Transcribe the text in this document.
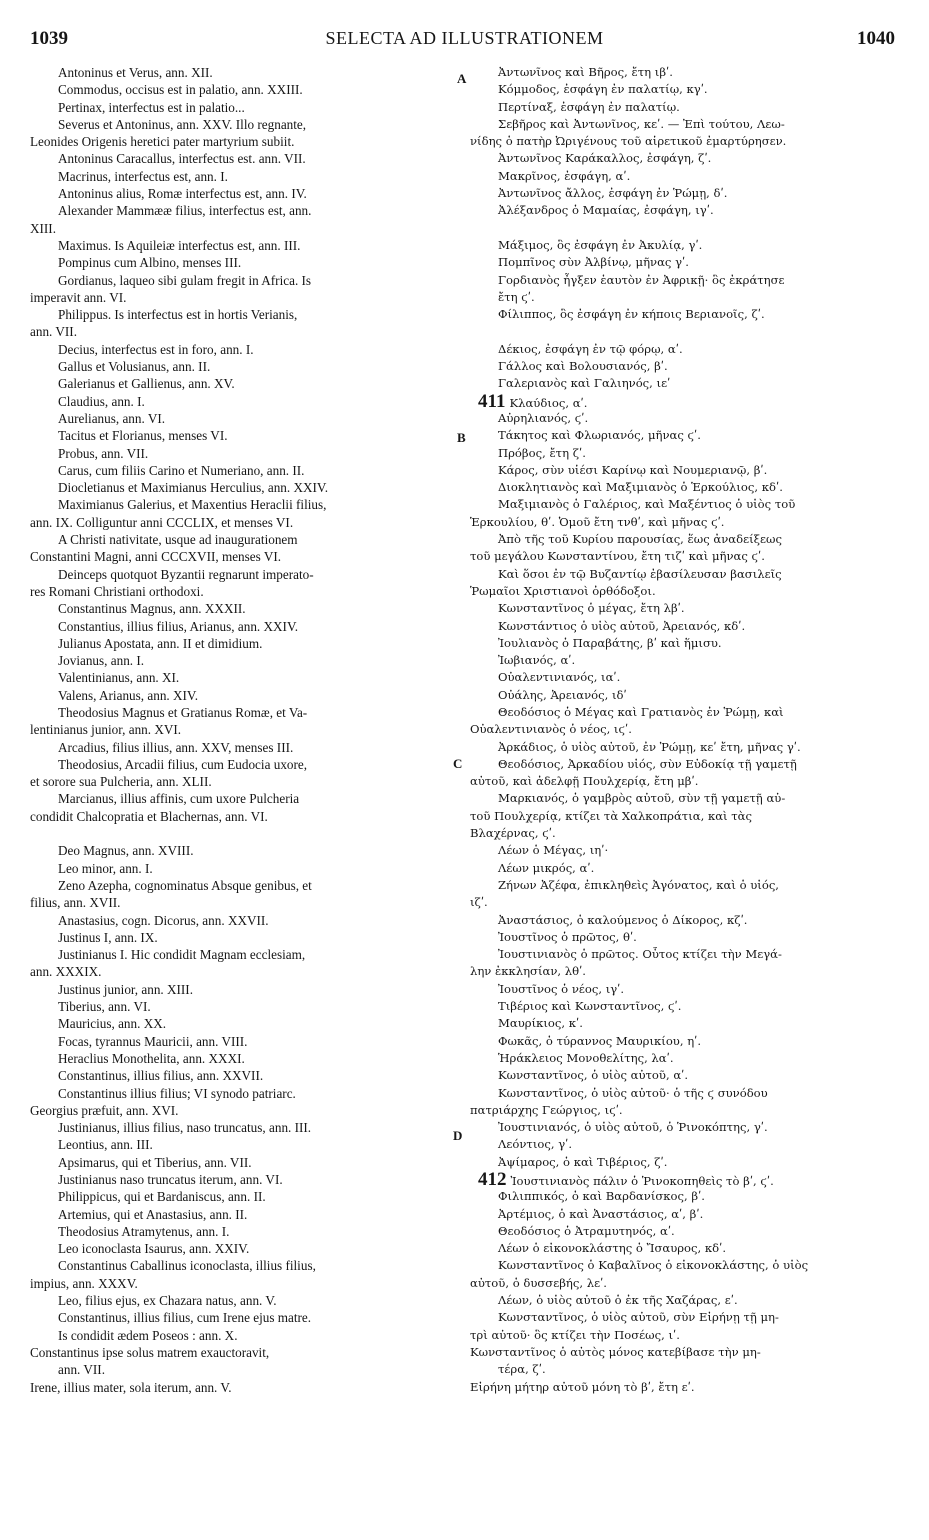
1039	SELECTA AD ILLUSTRATIONEM	1040
Antoninus et Verus, ann. XII.
Commodus, occisus est in palatio, ann. XXIII.
Pertinax, interfectus est in palatio...
Severus et Antoninus, ann. XXV. Illo regnante,
Leonides Origenis heretici pater martyrium subiit.
Antoninus Caracallus, interfectus est. ann. VII.
Macrinus, interfectus est, ann. I.
Antoninus alius, Romæ interfectus est, ann. IV.
Alexander Mammææ filius, interfectus est, ann.
XIII.
Maximus. Is Aquileiæ interfectus est, ann. III.
Pompinus cum Albino, menses III.
Gordianus, laqueo sibi gulam fregit in Africa. Is
imperavit ann. VI.
Philippus. Is interfectus est in hortis Verianis,
ann. VII.
Decius, interfectus est in foro, ann. I.
Gallus et Volusianus, ann. II.
Galerianus et Gallienus, ann. XV.
Claudius, ann. I.
Aurelianus, ann. VI.
Tacitus et Florianus, menses VI.
Probus, ann. VII.
Carus, cum filiis Carino et Numeriano, ann. II.
Diocletianus et Maximianus Herculius, ann. XXIV.
Maximianus Galerius, et Maxentius Heraclii filius,
ann. IX. Colliguntur anni CCCLIX, et menses VI.
A Christi nativitate, usque ad inaugurationem
Constantini Magni, anni CCCXVII, menses VI.
Deinceps quotquot Byzantii regnarunt imperato-
res Romani Christiani orthodoxi.
Constantinus Magnus, ann. XXXII.
Constantius, illius filius, Arianus, ann. XXIV.
Julianus Apostata, ann. II et dimidium.
Jovianus, ann. I.
Valentinianus, ann. XI.
Valens, Arianus, ann. XIV.
Theodosius Magnus et Gratianus Romæ, et Va-
lentinianus junior, ann. XVI.
Arcadius, filius illius, ann. XXV, menses III.
Theodosius, Arcadii filius, cum Eudocia uxore,
et sorore sua Pulcheria, ann. XLII.
Marcianus, illius affinis, cum uxore Pulcheria
condidit Chalcopratia et Blachernas, ann. VI.
Deo Magnus, ann. XVIII.
Leo minor, ann. I.
Zeno Azepha, cognominatus Absque genibus, et
filius, ann. XVII.
Anastasius, cogn. Dicorus, ann. XXVII.
Justinus I, ann. IX.
Justinianus I. Hic condidit Magnam ecclesiam,
ann. XXXIX.
Justinus junior, ann. XIII.
Tiberius, ann. VI.
Mauricius, ann. XX.
Focas, tyrannus Mauricii, ann. VIII.
Heraclius Monothelita, ann. XXXI.
Constantinus, illius filius, ann. XXVII.
Constantinus illius filius; VI synodo patriarc.
Georgius præfuit, ann. XVI.
Justinianus, illius filius, naso truncatus, ann. III.
Leontius, ann. III.
Apsimarus, qui et Tiberius, ann. VII.
Justinianus naso truncatus iterum, ann. VI.
Philippicus, qui et Bardaniscus, ann. II.
Artemius, qui et Anastasius, ann. II.
Theodosius Atramytenus, ann. I.
Leo iconoclasta Isaurus, ann. XXIV.
Constantinus Caballinus iconoclasta, illius filius,
impius, ann. XXXV.
Leo, filius ejus, ex Chazara natus, ann. V.
Constantinus, illius filius, cum Irene ejus matre.
Is condidit ædem Poseos : ann. X.
Constantinus ipse solus matrem exauctoravit,
ann. VII.
Irene, illius mater, sola iterum, ann. V.
Ἀντωνῖνος καὶ Βῆρος, ἔτη ιβʹ.
Κόμμοδος, ἐσφάγη ἐν παλατίῳ, κγʹ.
Περτίναξ, ἐσφάγη ἐν παλατίῳ.
Σεβῆρος καὶ Ἀντωνῖνος, κεʹ. — Ἐπὶ τούτου, Λεω-
νίδης ὁ πατὴρ Ὠριγένους τοῦ αἱρετικοῦ ἐμαρτύρησεν.
Ἀντωνῖνος Καράκαλλος, ἐσφάγη, ζʹ.
Μακρῖνος, ἐσφάγη, αʹ.
Ἀντωνῖνος ἄλλος, ἐσφάγη ἐν Ῥώμῃ, δʹ.
Ἀλέξανδρος ὁ Μαμαίας, ἐσφάγη, ιγʹ.
Μάξιμος, ὃς ἐσφάγη ἐν Ἀκυλίᾳ, γʹ.
Πομπῖνος σὺν Ἀλβίνῳ, μῆνας γʹ.
Γορδιανὸς ἦγξεν ἑαυτὸν ἐν Ἀφρικῇ· ὃς ἐκράτησε
ἔτη ϛʹ.
Φίλιππος, ὃς ἐσφάγη ἐν κήποις Βεριανοῖς, ζʹ.
Δέκιος, ἐσφάγη ἐν τῷ φόρῳ, αʹ.
Γάλλος καὶ Βολουσιανός, βʹ.
Γαλεριανὸς καὶ Γαλιηνός, ιεʹ
411 Κλαύδιος, αʹ.
Αὐρηλιανός, ϛʹ.
Τάκητος καὶ Φλωριανός, μῆνας ϛʹ.
Πρόβος, ἔτη ζʹ.
Κάρος, σὺν υἱέσι Καρίνῳ καὶ Νουμεριανῷ, βʹ.
Διοκλητιανὸς καὶ Μαξιμιανὸς ὁ Ἑρκούλιος, κδʹ.
Μαξιμιανὸς ὁ Γαλέριος, καὶ Μαξέντιος ὁ υἱὸς τοῦ
Ἑρκουλίου, θʹ. Ὁμοῦ ἔτη τνθʹ, καὶ μῆνας ϛʹ.
Ἀπὸ τῆς τοῦ Κυρίου παρουσίας, ἕως ἀναδείξεως
τοῦ μεγάλου Κωνσταντίνου, ἔτη τιζʹ καὶ μῆνας ϛʹ.
Καὶ ὅσοι ἐν τῷ Βυζαντίῳ ἐβασίλευσαν βασιλεῖς
Ῥωμαῖοι Χριστιανοὶ ὀρθόδοξοι.
Κωνσταντῖνος ὁ μέγας, ἔτη λβʹ.
Κωνστάντιος ὁ υἱὸς αὐτοῦ, Ἀρειανός, κδʹ.
Ἰουλιανὸς ὁ Παραβάτης, βʹ καὶ ἥμισυ.
Ἰωβιανός, αʹ.
Οὐαλεντινιανός, ιαʹ.
Οὐάλης, Ἀρειανός, ιδʹ
Θεοδόσιος ὁ Μέγας καὶ Γρατιανὸς ἐν Ῥώμῃ, καὶ
Οὐαλεντινιανὸς ὁ νέος, ιϛʹ.
Ἀρκάδιος, ὁ υἱὸς αὐτοῦ, ἐν Ῥώμῃ, κεʹ ἔτη, μῆνας γʹ.
Θεοδόσιος, Ἀρκαδίου υἱός, σὺν Εὐδοκίᾳ τῇ γαμετῇ
αὐτοῦ, καὶ ἀδελφῇ Πουλχερίᾳ, ἔτη μβʹ.
Μαρκιανός, ὁ γαμβρὸς αὐτοῦ, σὺν τῇ γαμετῇ αὐ-
τοῦ Πουλχερίᾳ, κτίζει τὰ Χαλκοπράτια, καὶ τὰς
Βλαχέρνας, ϛʹ.
Λέων ὁ Μέγας, ιηʹ·
Λέων μικρός, αʹ.
Ζήνων Ἀζέφα, ἐπικληθεὶς Ἀγόνατος, καὶ ὁ υἱός,
ιζʹ.
Ἀναστάσιος, ὁ καλούμενος ὁ Δίκορος, κζʹ.
Ἰουστῖνος ὁ πρῶτος, θʹ.
Ἰουστινιανὸς ὁ πρῶτος. Οὗτος κτίζει τὴν Μεγά-
λην ἐκκλησίαν, λθʹ.
Ἰουστῖνος ὁ νέος, ιγʹ.
Τιβέριος καὶ Κωνσταντῖνος, ϛʹ.
Μαυρίκιος, κʹ.
Φωκᾶς, ὁ τύραννος Μαυρικίου, ηʹ.
Ἡράκλειος Μονοθελίτης, λαʹ.
Κωνσταντῖνος, ὁ υἱὸς αὐτοῦ, αʹ.
Κωνσταντῖνος, ὁ υἱὸς αὐτοῦ· ὁ τῆς ϛ συνόδου
πατριάρχης Γεώργιος, ιϛʹ.
Ἰουστινιανός, ὁ υἱὸς αὐτοῦ, ὁ Ῥινοκόπτης, γʹ.
Λεόντιος, γʹ.
Ἀψίμαρος, ὁ καὶ Τιβέριος, ζʹ.
412 Ἰουστινιανὸς πάλιν ὁ Ῥινοκοπηθεὶς τὸ βʹ, ϛʹ.
Φιλιππικός, ὁ καὶ Βαρδανίσκος, βʹ.
Ἀρτέμιος, ὁ καὶ Ἀναστάσιος, αʹ, βʹ.
Θεοδόσιος ὁ Ἀτραμυτηνός, αʹ.
Λέων ὁ εἰκονοκλάστης ὁ Ἴσαυρος, κδʹ.
Κωνσταντῖνος ὁ Καβαλῖνος ὁ εἰκονοκλάστης, ὁ υἱὸς
αὐτοῦ, ὁ δυσσεβής, λεʹ.
Λέων, ὁ υἱὸς αὐτοῦ ὁ ἐκ τῆς Χαζάρας, εʹ.
Κωνσταντῖνος, ὁ υἱὸς αὐτοῦ, σὺν Εἰρήνῃ τῇ μη-
τρὶ αὐτοῦ· ὃς κτίζει τὴν Ποσέως, ιʹ.
Κωνσταντῖνος ὁ αὐτὸς μόνος κατεβίβασε τὴν μη-
τέρα, ζʹ.
Εἰρήνη μήτηρ αὐτοῦ μόνη τὸ βʹ, ἔτη εʹ.
A
B
C
D
